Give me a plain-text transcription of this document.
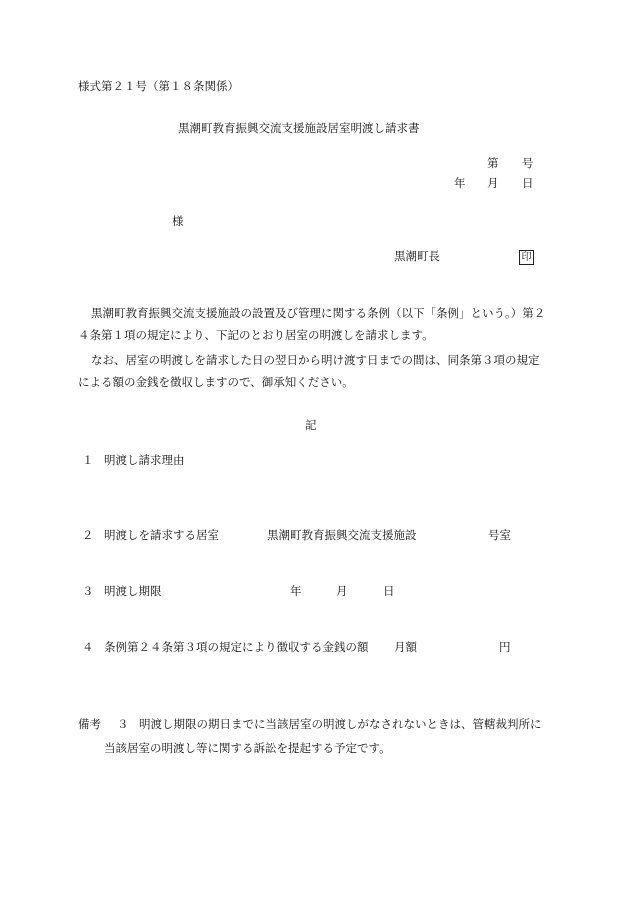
様式第２１号（第１８条関係）
黒潮町教育振興交流支援施設居室明渡し請求書
第 号
年 月 日
様
黒潮町長	印
黒潮町教育振興交流支援施設の設置及び管理に関する条例（以下「条例」という。）第２
４条第１項の規定により、下記のとおり居室の明渡しを請求します。
なお、居室の明渡しを請求した日の翌日から明け渡す日までの間は、同条第３項の規定
による額の金銭を徴収しますので、御承知ください。
記
１ 明渡し請求理由
２ 明渡しを請求する居室	黒潮町教育振興交流支援施設	号室
３ 明渡し期限	年	月	日
４ 条例第２４条第３項の規定により徴収する金銭の額 月額	円
備考 ３ 明渡し期限の期日までに当該居室の明渡しがなされないときは、管轄裁判所に
当該居室の明渡し等に関する訴訟を提起する予定です。
